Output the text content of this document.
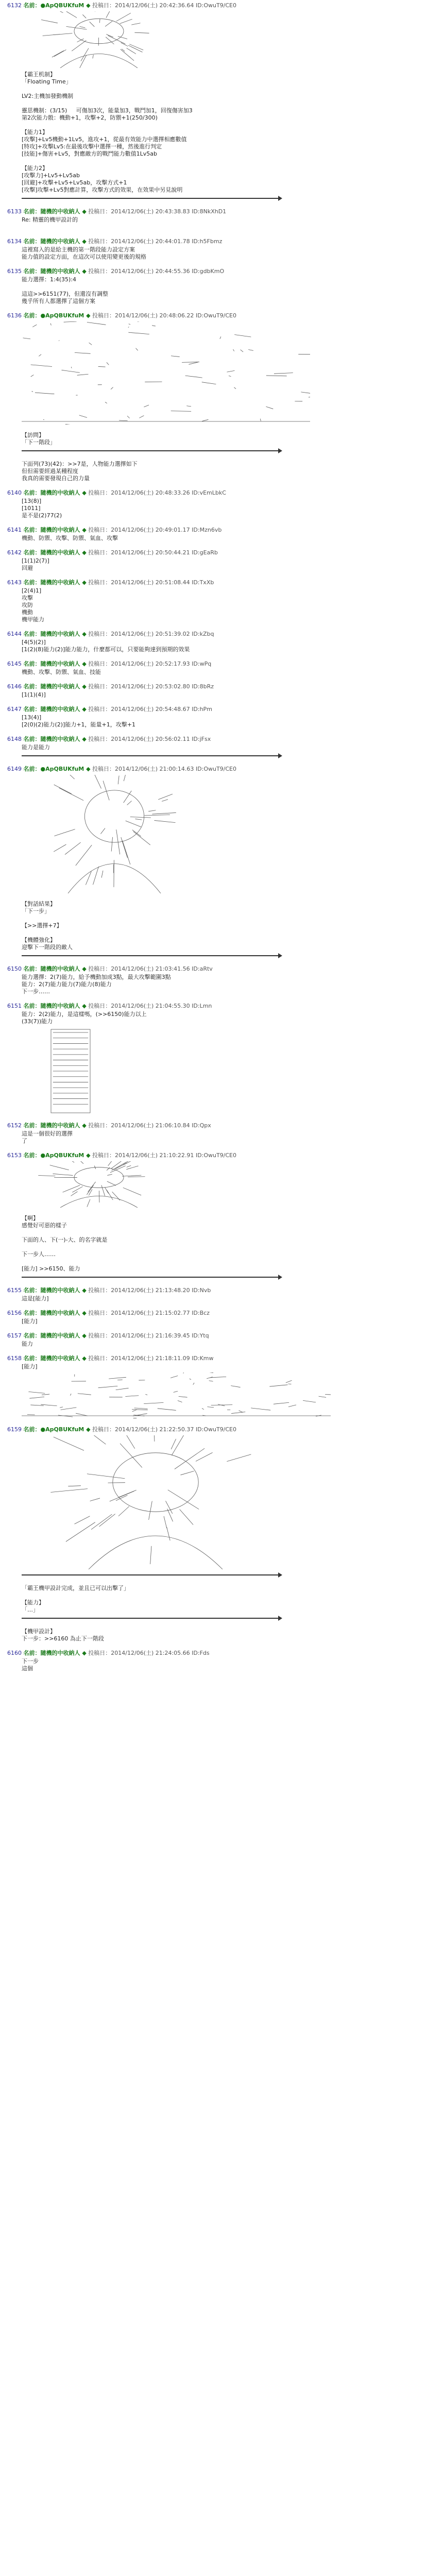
6132 名前：●ApQBUKfuM ◆ 投稿日：2014/12/06(土) 20:42:36.64 ID:OwuT9/CE0
【霸王机制】
「Floating Time」
LV2:主機加發動機制
靈思機制：(3/15)     可傷加3次，能量加3，戰鬥加1，回復傷害加3
第2次能力骰：機動+1，攻擊+2，防禦+1(250/300)
【能力1】
[攻擊]+Lv5機動+1Lv5，進攻+1，從最有效能力中選擇相應數值
[特攻]+攻擊Lv5:在最後攻擊中選擇一種，然後進行判定
[技能]+傷害+Lv5，對應敵方的戰鬥能力數值1Lv5ab
【能力2】
[攻擊力]+Lv5+Lv5ab
[回避]+攻擊+Lv5+Lv5ab，攻擊方式+1
[攻擊]攻擊+Lv5對應計算，攻擊方式的效果，在效果中另見說明
6133 名前：隨機的中收納人 ◆ 投稿日：2014/12/06(土) 20:43:38.83 ID:8NkXhD1
Re: 精靈的機甲設計的
6134 名前：隨機的中收納人 ◆ 投稿日：2014/12/06(土) 20:44:01.78 ID:h5Fbmz
這裡寫入的是給主機的第一階段能力設定方案
能力值的設定方面，在這次可以使用變更後的規格
6135 名前：隨機的中收納人 ◆ 投稿日：2014/12/06(土) 20:44:55.36 ID:gdbKmO
能力選擇：1:4(35):4
這這>>6151(77)，但還沒有調整
幾乎所有人都選擇了這個方案
6136 名前：●ApQBUKfuM ◆ 投稿日：2014/12/06(土) 20:48:06.22 ID:OwuT9/CE0
【訪問】
「下一階段」
下面列(73)(42)：>>7是，人物能力選擇如下
但但需要經過某種程度
我真的需要發現自己的力量
6140 名前：隨機的中收納人 ◆ 投稿日：2014/12/06(土) 20:48:33.26 ID:vEmLbkC
[13(8)]
[1011]
是不是(2)77(2)
6141 名前：隨機的中收納人 ◆ 投稿日：2014/12/06(土) 20:49:01.17 ID:Mzn6vb
機動、防禦、攻擊、防禦、氣血、攻擊
6142 名前：隨機的中收納人 ◆ 投稿日：2014/12/06(土) 20:50:44.21 ID:gEaRb
[1(1)2(7)]
回避
6143 名前：隨機的中收納人 ◆ 投稿日：2014/12/06(土) 20:51:08.44 ID:TxXb
[2(4)1]
攻擊
攻防
機動
機甲能力
6144 名前：隨機的中收納人 ◆ 投稿日：2014/12/06(土) 20:51:39.02 ID:kZbq
[4(5)(2)]
[1(2)(8)能力(2)]能力能力，什麼都可以，只要能夠達到預期的效果
6145 名前：隨機的中收納人 ◆ 投稿日：2014/12/06(土) 20:52:17.93 ID:wPq
機動、攻擊、防禦、氣血、技能
6146 名前：隨機的中收納人 ◆ 投稿日：2014/12/06(土) 20:53:02.80 ID:8bRz
[1(1)(4)]
6147 名前：隨機的中收納人 ◆ 投稿日：2014/12/06(土) 20:54:48.67 ID:hPm
[13(4)]
[2(0)(2)能力(2)]能力+1，能量+1，攻擊+1
6148 名前：隨機的中收納人 ◆ 投稿日：2014/12/06(土) 20:56:02.11 ID:jFsx
能力是能力
6149 名前：●ApQBUKfuM ◆ 投稿日：2014/12/06(土) 21:00:14.63 ID:OwuT9/CE0
【對話結果】
「下一步」
【>>選擇+7】
【機體強化】
迎擊下一階段的敵人
6150 名前：隨機的中收納人 ◆ 投稿日：2014/12/06(土) 21:03:41.56 ID:aRtv
能力選擇：2(7)能力，給予機動加成3點，最大攻擊範圍3點
能力：2(7)能力能力(7)能力(8)能力
下一步……
6151 名前：隨機的中收納人 ◆ 投稿日：2014/12/06(土) 21:04:55.30 ID:Lmn
能力：2(2)能力，是這樣嗎，(>>6150)能力以上
(33(7))能力
6152 名前：隨機的中收納人 ◆ 投稿日：2014/12/06(土) 21:06:10.84 ID:Qpx
這是一個很好的選擇
了
6153 名前：●ApQBUKfuM ◆ 投稿日：2014/12/06(土) 21:10:22.91 ID:OwuT9/CE0
【啊】
感覺好可惡的樣子
下面的人、下(一)-大、的名字就是
下一步人……
[能力] >>6150、能力
6155 名前：隨機的中收納人 ◆ 投稿日：2014/12/06(土) 21:13:48.20 ID:Nvb
這是[能力]
6156 名前：隨機的中收納人 ◆ 投稿日：2014/12/06(土) 21:15:02.77 ID:Bcz
[能力]
6157 名前：隨機的中收納人 ◆ 投稿日：2014/12/06(土) 21:16:39.45 ID:Ytq
能力
6158 名前：隨機的中收納人 ◆ 投稿日：2014/12/06(土) 21:18:11.09 ID:Kmw
[能力]
6159 名前：●ApQBUKfuM ◆ 投稿日：2014/12/06(土) 21:22:50.37 ID:OwuT9/CE0
「霸王機甲設計完成，並且已可以出擊了」
【能力】
「…」
【機甲設計】
下一步：>>6160 為止下一階段
6160 名前：隨機的中收納人 ◆ 投稿日：2014/12/06(土) 21:24:05.66 ID:Fds
下一步
這個
